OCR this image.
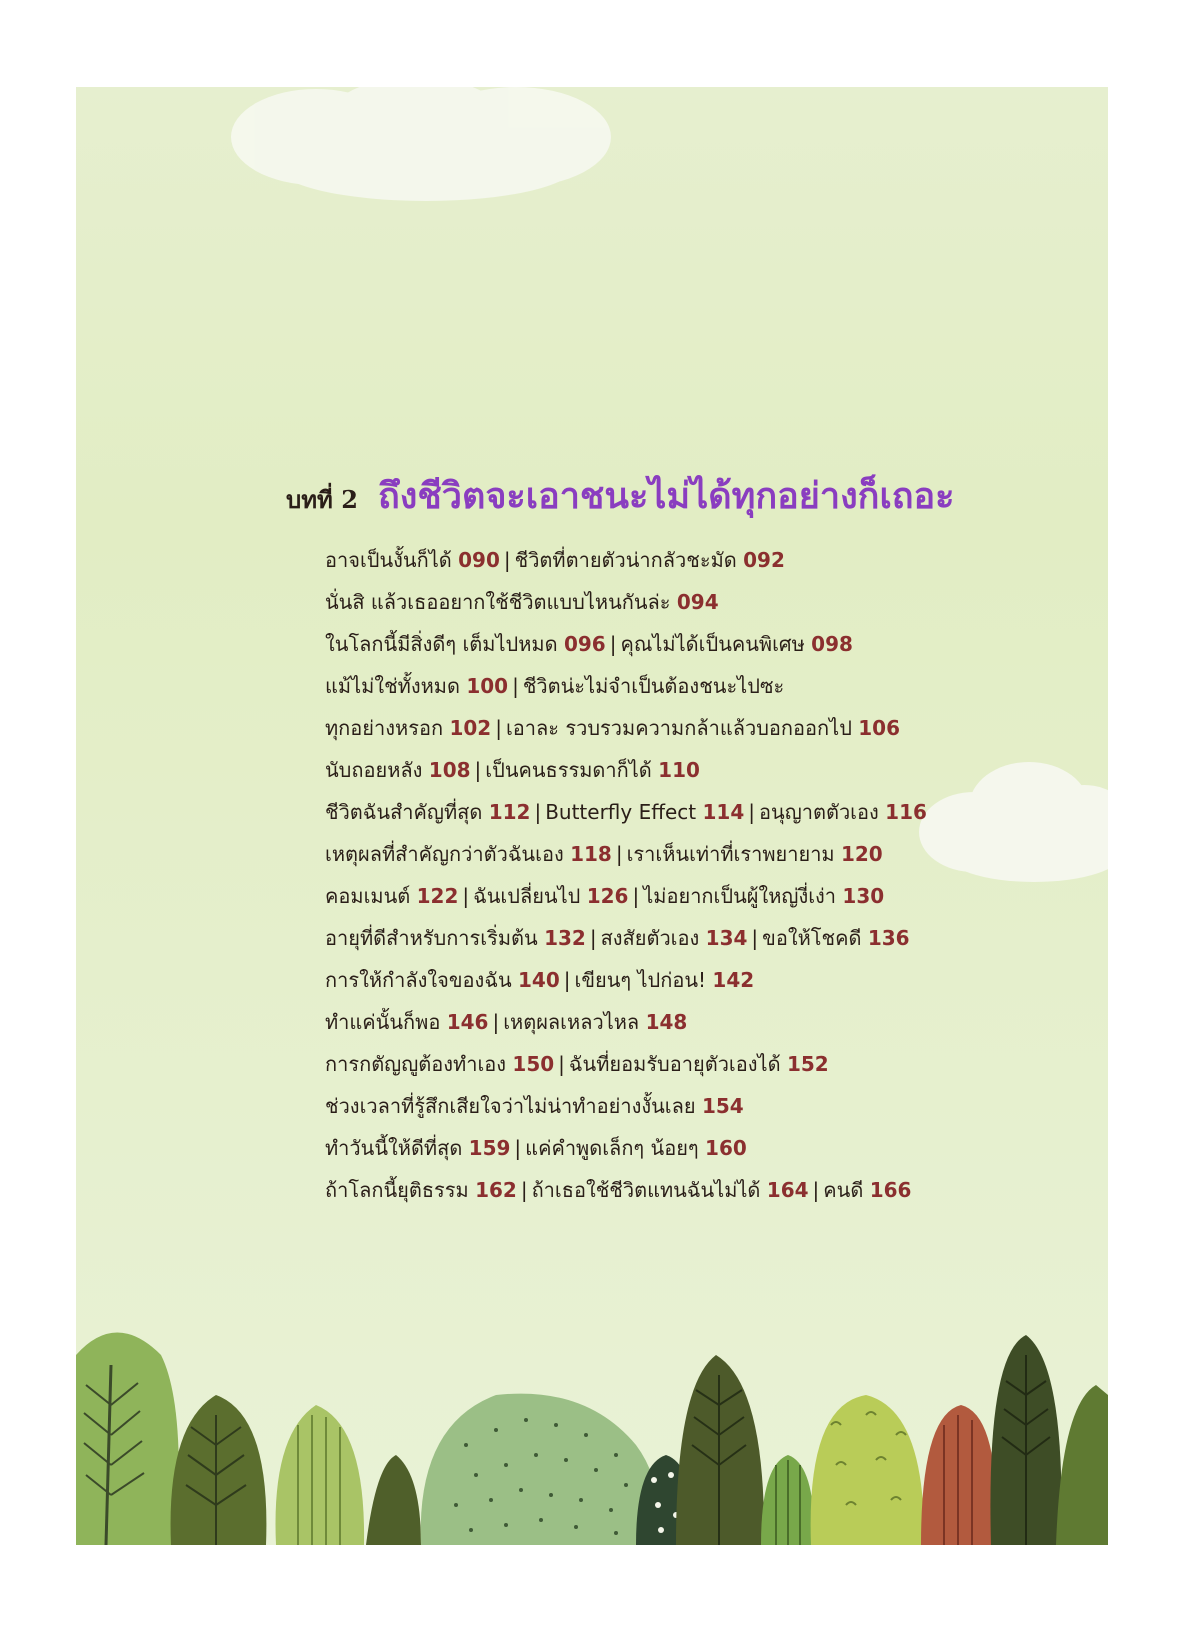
บทที่ 2 ถึงชีวิตจะเอาชนะไม่ได้ทุกอย่างก็เถอะ
อาจเป็นงั้นก็ได้ 090 | ชีวิตที่ตายตัวน่ากลัวชะมัด 092
นั่นสิ แล้วเธออยากใช้ชีวิตแบบไหนกันล่ะ 094
ในโลกนี้มีสิ่งดีๆ เต็มไปหมด 096 | คุณไม่ได้เป็นคนพิเศษ 098
แม้ไม่ใช่ทั้งหมด 100 | ชีวิตน่ะไม่จำเป็นต้องชนะไปซะ
ทุกอย่างหรอก 102 | เอาละ รวบรวมความกล้าแล้วบอกออกไป 106
นับถอยหลัง 108 | เป็นคนธรรมดาก็ได้ 110
ชีวิตฉันสำคัญที่สุด 112 | Butterfly Effect 114 | อนุญาตตัวเอง 116
เหตุผลที่สำคัญกว่าตัวฉันเอง 118 | เราเห็นเท่าที่เราพยายาม 120
คอมเมนต์ 122 | ฉันเปลี่ยนไป 126 | ไม่อยากเป็นผู้ใหญ่งี่เง่า 130
อายุที่ดีสำหรับการเริ่มต้น 132 | สงสัยตัวเอง 134 | ขอให้โชคดี 136
การให้กำลังใจของฉัน 140 | เขียนๆ ไปก่อน! 142
ทำแค่นั้นก็พอ 146 | เหตุผลเหลวไหล 148
การกตัญญูต้องทำเอง 150 | ฉันที่ยอมรับอายุตัวเองได้ 152
ช่วงเวลาที่รู้สึกเสียใจว่าไม่น่าทำอย่างงั้นเลย 154
ทำวันนี้ให้ดีที่สุด 159 | แค่คำพูดเล็กๆ น้อยๆ 160
ถ้าโลกนี้ยุติธรรม 162 | ถ้าเธอใช้ชีวิตแทนฉันไม่ได้ 164 | คนดี 166
